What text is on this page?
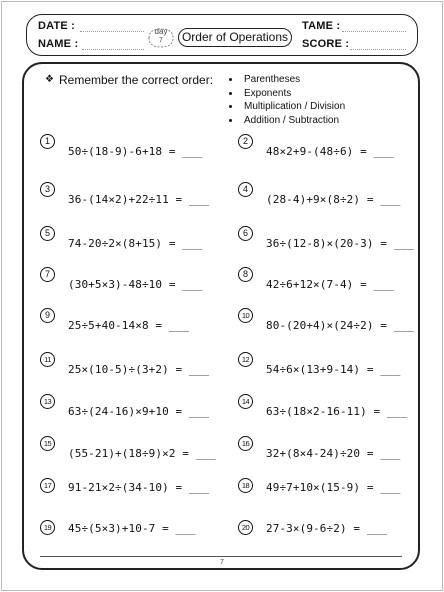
DATE :
NAME :
TAME :
SCORE :
day
7	Order of Operations
❖ Remember the correct order:	Parentheses
Exponents
Multiplication / Division
Addition / Subtraction
1
50÷(18-9)-6+18 = ___
2
48×2+9-(48÷6) = ___
3
36-(14×2)+22÷11 = ___
4
(28-4)+9×(8÷2) = ___
5
74-20÷2×(8+15) = ___
6
36÷(12-8)×(20-3) = ___
7
(30+5×3)-48÷10 = ___
8
42÷6+12×(7-4) = ___
9
25÷5+40-14×8 = ___
10
80-(20+4)×(24÷2) = ___
11
25×(10-5)÷(3+2) = ___
12
54÷6×(13+9-14) = ___
13
63÷(24-16)×9+10 = ___
14
63÷(18×2-16-11) = ___
15
(55-21)+(18÷9)×2 = ___
16
32+(8×4-24)÷20 = ___
17	91-21×2÷(34-10) = ___	18	49÷7+10×(15-9) = ___
19	45÷(5×3)+10-7 = ___	20	27-3×(9-6÷2) = ___
7
